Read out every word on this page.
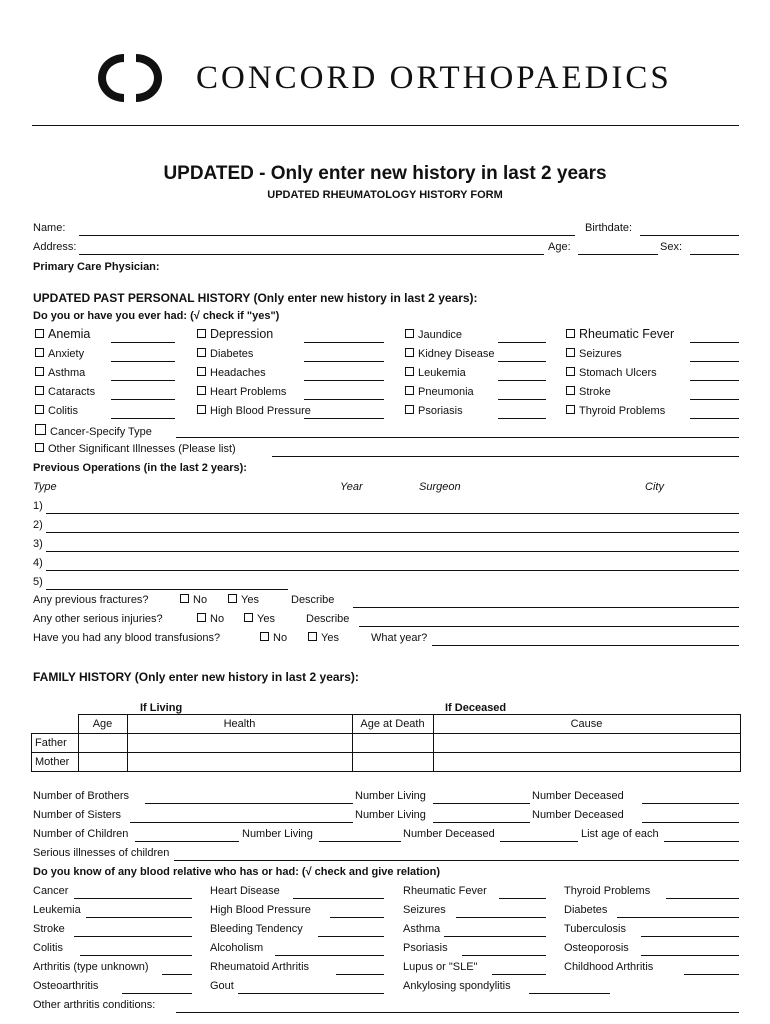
CONCORD ORTHOPAEDICS
UPDATED - Only enter new history in last 2 years
UPDATED RHEUMATOLOGY HISTORY FORM
Name:	Birthdate:
Address:	Age:	Sex:
Primary Care Physician:
UPDATED PAST PERSONAL HISTORY (Only enter new history in last 2 years):
Do you or have you ever had: (√ check if "yes")
Anemia	Depression	Jaundice	Rheumatic Fever
Anxiety	Diabetes	Kidney Disease	Seizures
Asthma	Headaches	Leukemia	Stomach Ulcers
Cataracts	Heart Problems	Pneumonia	Stroke
Colitis	High Blood Pressure	Psoriasis	Thyroid Problems
Cancer-Specify Type
Other Significant Illnesses (Please list)
Previous Operations (in the last 2 years):
Type	Year	Surgeon	City
1)
2)
3)
4)
5)
Any previous fractures?	No	Yes	Describe
Any other serious injuries?	No	Yes	Describe
Have you had any blood transfusions?	No	Yes	What year?
FAMILY HISTORY (Only enter new history in last 2 years):
If Living	If Deceased
	Age	Health	Age at Death	Cause
Father				
Mother				
Number of Brothers	Number Living	Number Deceased
Number of Sisters	Number Living	Number Deceased
Number of Children	Number Living	Number Deceased	List age of each
Serious illnesses of children
Do you know of any blood relative who has or had: (√ check and give relation)
Cancer	Heart Disease	Rheumatic Fever	Thyroid Problems
Leukemia	High Blood Pressure	Seizures	Diabetes
Stroke	Bleeding Tendency	Asthma	Tuberculosis
Colitis	Alcoholism	Psoriasis	Osteoporosis
Arthritis (type unknown)	Rheumatoid Arthritis	Lupus or "SLE"	Childhood Arthritis
Osteoarthritis	Gout	Ankylosing spondylitis
Other arthritis conditions:
